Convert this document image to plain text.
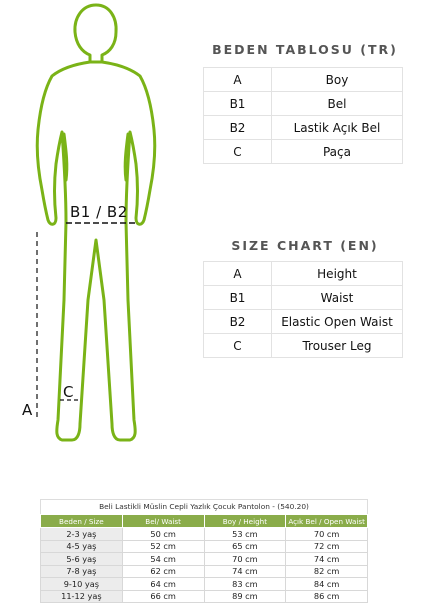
B1 / B2
C
A
BEDEN TABLOSU (TR)
A	Boy
B1	Bel
B2	Lastik Açık Bel
C	Paça
SIZE CHART (EN)
A	Height
B1	Waist
B2	Elastic Open Waist
C	Trouser Leg
Beli Lastikli Müslin Cepli Yazlık Çocuk Pantolon - (540.20)
Beden / Size	Bel/ Waist	Boy / Height	Açık Bel / Open Waist
2-3 yaş	50 cm	53 cm	70 cm
4-5 yaş	52 cm	65 cm	72 cm
5-6 yaş	54 cm	70 cm	74 cm
7-8 yaş	62 cm	74 cm	82 cm
9-10 yaş	64 cm	83 cm	84 cm
11-12 yaş	66 cm	89 cm	86 cm
